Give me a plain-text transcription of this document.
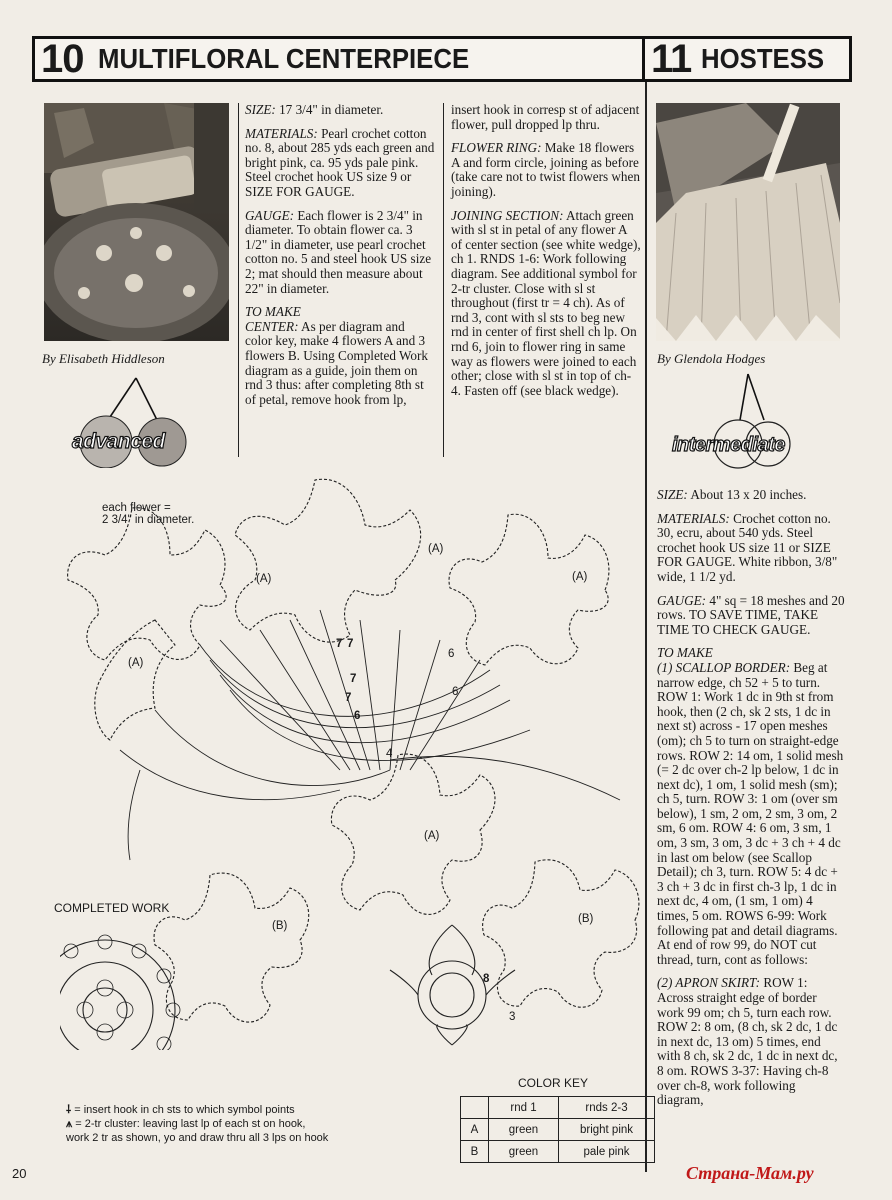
10 MULTIFLORAL CENTERPIECE	11 HOSTESS
By Elisabeth Hiddleson
advanced

SIZE: 17 3/4" in diameter.

MATERIALS: Pearl crochet cotton no. 8, about 285 yds each green and bright pink, ca. 95 yds pale pink. Steel crochet hook US size 9 or SIZE FOR GAUGE.

GAUGE: Each flower is 2 3/4" in diameter. To obtain flower ca. 3 1/2" in diameter, use pearl crochet cotton no. 5 and steel hook US size 2; mat should then measure about 22" in diameter.

TO MAKE
CENTER: As per diagram and color key, make 4 flowers A and 3 flowers B. Using Completed Work diagram as a guide, join them on rnd 3 thus: after completing 8th st of petal, remove hook from lp,

insert hook in corresp st of adjacent flower, pull dropped lp thru.

FLOWER RING: Make 18 flowers A and form circle, joining as before (take care not to twist flowers when joining).

JOINING SECTION: Attach green with sl st in petal of any flower A of center section (see white wedge), ch 1. RNDS 1-6: Work following diagram. See additional symbol for 2-tr cluster. Close with sl st throughout (first tr = 4 ch). As of rnd 3, cont with sl sts to beg new rnd in center of first shell ch lp. On rnd 6, join to flower ring in same way as flowers were joined to each other; close with sl st in top of ch-4. Fasten off (see black wedge).

By Glendola Hodges
intermediate

SIZE: About 13 x 20 inches.

MATERIALS: Crochet cotton no. 30, ecru, about 540 yds. Steel crochet hook US size 11 or SIZE FOR GAUGE. White ribbon, 3/8" wide, 1 1/2 yd.

GAUGE: 4" sq = 18 meshes and 20 rows. TO SAVE TIME, TAKE TIME TO CHECK GAUGE.

TO MAKE
(1) SCALLOP BORDER: Beg at narrow edge, ch 52 + 5 to turn. ROW 1: Work 1 dc in 9th st from hook, then (2 ch, sk 2 sts, 1 dc in next st) across - 17 open meshes (om); ch 5 to turn on straight-edge rows. ROW 2: 14 om, 1 solid mesh (= 2 dc over ch-2 lp below, 1 dc in next dc), 1 om, 1 solid mesh (sm); ch 5, turn. ROW 3: 1 om (over sm below), 1 sm, 2 om, 2 sm, 3 om, 2 sm, 6 om. ROW 4: 6 om, 3 sm, 1 om, 3 sm, 3 om, 3 dc + 3 ch + 4 dc in last om below (see Scallop Detail); ch 3, turn. ROW 5: 4 dc + 3 ch + 3 dc in first ch-3 lp, 1 dc in next dc, 4 om, (1 sm, 1 om) 4 times, 5 om. ROWS 6-99: Work following pat and detail diagrams. At end of row 99, do NOT cut thread, turn, cont as follows:

(2) APRON SKIRT: ROW 1: Across straight edge of border work 99 om; ch 5, turn each row. ROW 2: 8 om, (8 ch, sk 2 dc, 1 dc in next dc, 13 om) 5 times, end with 8 ch, sk 2 dc, 1 dc in next dc, 8 om. ROWS 3-37: Having ch-8 over ch-8, work following diagram,

each flower =
2 3/4" in diameter.
(A)
(A)	(A)
(A)
(A)
(B)
(B)
7 7
7
7
6
6
6
4
8
3
COMPLETED WORK
⸸ = insert hook in ch sts to which symbol points
⩚ = 2-tr cluster: leaving last lp of each st on hook,
work 2 tr as shown, yo and draw thru all 3 lps on hook
COLOR KEY
	rnd 1	rnds 2-3
A	green	bright pink
B	green	pale pink
20	Страна-Мам.ру
